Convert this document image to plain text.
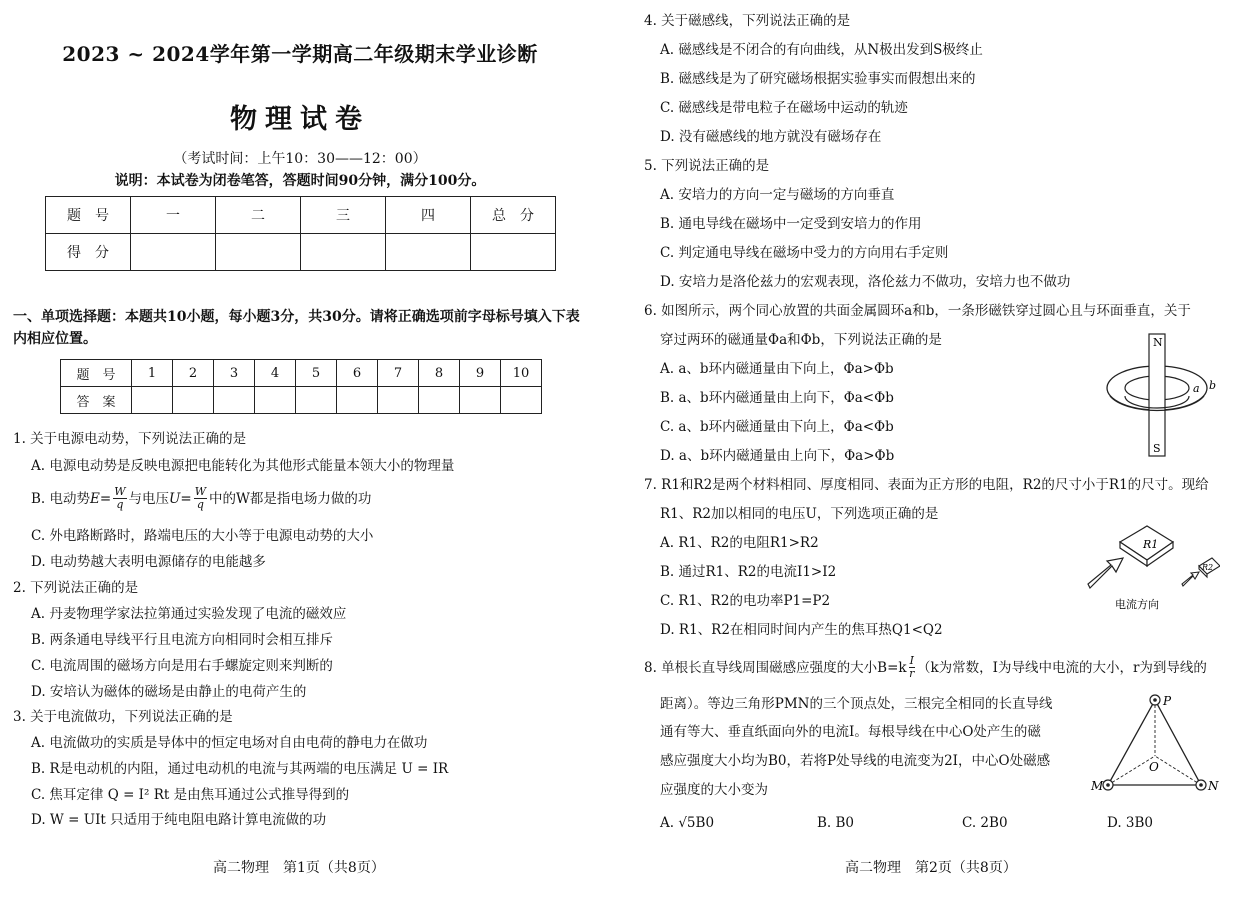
2023 ~ 2024学年第一学期高二年级期末学业诊断
物理试卷
（考试时间：上午10：30——12：00）
说明：本试卷为闭卷笔答，答题时间90分钟，满分100分。
题　号	一	二	三	四	总　分
得　分					
一、单项选择题：本题共10小题，每小题3分，共30分。请将正确选项前字母标号填入下表内相应位置。
题　号	1	2	3	4	5	6	7	8	9	10
答　案										
1. 关于电源电动势，下列说法正确的是
A. 电源电动势是反映电源把电能转化为其他形式能量本领大小的物理量
B. 电动势 $E = \frac{W}{q}$ 与电压 $U = \frac{W}{q}$ 中的W都是指电场力做的功
C. 外电路断路时，路端电压的大小等于电源电动势的大小
D. 电动势越大表明电源储存的电能越多
2. 下列说法正确的是
A. 丹麦物理学家法拉第通过实验发现了电流的磁效应
B. 两条通电导线平行且电流方向相同时会相互排斥
C. 电流周围的磁场方向是用右手螺旋定则来判断的
D. 安培认为磁体的磁场是由静止的电荷产生的
3. 关于电流做功，下列说法正确的是
A. 电流做功的实质是导体中的恒定电场对自由电荷的静电力在做功
B. R是电动机的内阻，通过电动机的电流与其两端的电压满足 U = IR
C. 焦耳定律 Q = I² Rt 是由焦耳通过公式推导得到的
D. W = UIt 只适用于纯电阻电路计算电流做的功
高二物理　第1页（共8页）
4. 关于磁感线，下列说法正确的是
A. 磁感线是不闭合的有向曲线，从N极出发到S极终止
B. 磁感线是为了研究磁场根据实验事实而假想出来的
C. 磁感线是带电粒子在磁场中运动的轨迹
D. 没有磁感线的地方就没有磁场存在
5. 下列说法正确的是
A. 安培力的方向一定与磁场的方向垂直
B. 通电导线在磁场中一定受到安培力的作用
C. 判定通电导线在磁场中受力的方向用右手定则
D. 安培力是洛伦兹力的宏观表现，洛伦兹力不做功，安培力也不做功
6. 如图所示，两个同心放置的共面金属圆环a和b，一条形磁铁穿过圆心且与环面垂直，关于
穿过两环的磁通量Φa和Φb，下列说法正确的是
A. a、b环内磁通量由下向上，Φa>Φb
B. a、b环内磁通量由上向下，Φa<Φb
C. a、b环内磁通量由下向上，Φa<Φb
D. a、b环内磁通量由上向下，Φa>Φb
N
S
a b
7. R1和R2是两个材料相同、厚度相同、表面为正方形的电阻，R2的尺寸小于R1的尺寸。现给
R1、R2加以相同的电压U，下列选项正确的是
A. R1、R2的电阻R1>R2
B. 通过R1、R2的电流I1>I2
C. R1、R2的电功率P1=P2
D. R1、R2在相同时间内产生的焦耳热Q1<Q2
R1
R2
电流方向
8. 单根长直导线周围磁感应强度的大小$B=k \frac{I}{r} (k$为常数，I为导线中电流的大小，r为到导线的
距离）。等边三角形PMN的三个顶点处，三根完全相同的长直导线
通有等大、垂直纸面向外的电流I。每根导线在中心O处产生的磁
感应强度大小均为B0，若将P处导线的电流变为2I，中心O处磁感
应强度的大小变为
A. √5B0	B. B0	C. 2B0	D. 3B0
P
M	N
O
高二物理　第2页（共8页）
